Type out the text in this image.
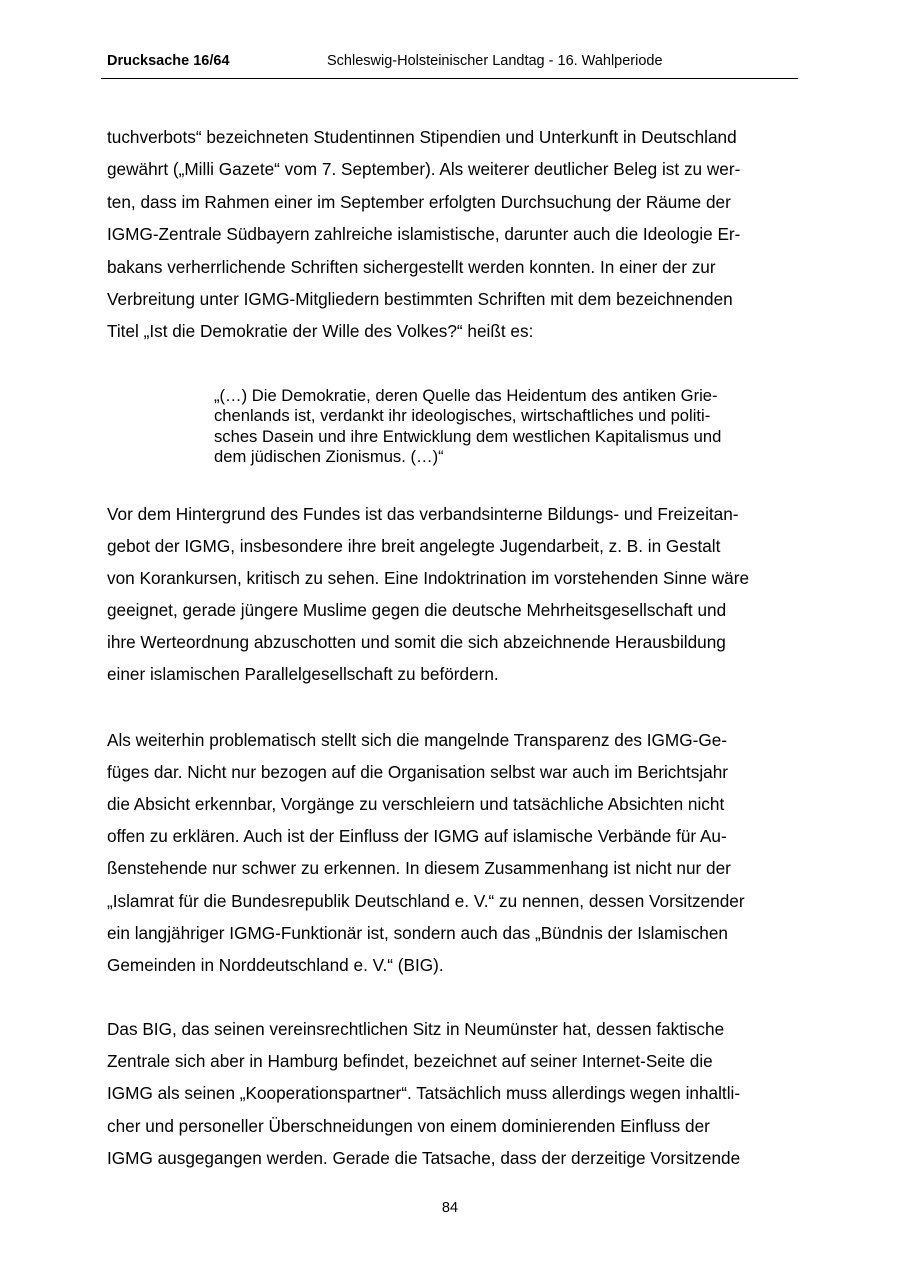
Drucksache 16/64	Schleswig-Holsteinischer Landtag - 16. Wahlperiode
tuchverbots“ bezeichneten Studentinnen Stipendien und Unterkunft in Deutschland
gewährt („Milli Gazete“ vom 7. September). Als weiterer deutlicher Beleg ist zu wer-
ten, dass im Rahmen einer im September erfolgten Durchsuchung der Räume der
IGMG-Zentrale Südbayern zahlreiche islamistische, darunter auch die Ideologie Er-
bakans verherrlichende Schriften sichergestellt werden konnten. In einer der zur
Verbreitung unter IGMG-Mitgliedern bestimmten Schriften mit dem bezeichnenden
Titel „Ist die Demokratie der Wille des Volkes?“ heißt es:
Vor dem Hintergrund des Fundes ist das verbandsinterne Bildungs- und Freizeitan-
gebot der IGMG, insbesondere ihre breit angelegte Jugendarbeit, z. B. in Gestalt
von Korankursen, kritisch zu sehen. Eine Indoktrination im vorstehenden Sinne wäre
geeignet, gerade jüngere Muslime gegen die deutsche Mehrheitsgesellschaft und
ihre Werteordnung abzuschotten und somit die sich abzeichnende Herausbildung
einer islamischen Parallelgesellschaft zu befördern.
Als weiterhin problematisch stellt sich die mangelnde Transparenz des IGMG-Ge-
füges dar. Nicht nur bezogen auf die Organisation selbst war auch im Berichtsjahr
die Absicht erkennbar, Vorgänge zu verschleiern und tatsächliche Absichten nicht
offen zu erklären. Auch ist der Einfluss der IGMG auf islamische Verbände für Au-
ßenstehende nur schwer zu erkennen. In diesem Zusammenhang ist nicht nur der
„Islamrat für die Bundesrepublik Deutschland e. V.“ zu nennen, dessen Vorsitzender
ein langjähriger IGMG-Funktionär ist, sondern auch das „Bündnis der Islamischen
Gemeinden in Norddeutschland e. V.“ (BIG).
Das BIG, das seinen vereinsrechtlichen Sitz in Neumünster hat, dessen faktische
Zentrale sich aber in Hamburg befindet, bezeichnet auf seiner Internet-Seite die
IGMG als seinen „Kooperationspartner“. Tatsächlich muss allerdings wegen inhaltli-
cher und personeller Überschneidungen von einem dominierenden Einfluss der
IGMG ausgegangen werden. Gerade die Tatsache, dass der derzeitige Vorsitzende
„(…) Die Demokratie, deren Quelle das Heidentum des antiken Grie-
chenlands ist, verdankt ihr ideologisches, wirtschaftliches und politi-
sches Dasein und ihre Entwicklung dem westlichen Kapitalismus und
dem jüdischen Zionismus. (…)“
84
